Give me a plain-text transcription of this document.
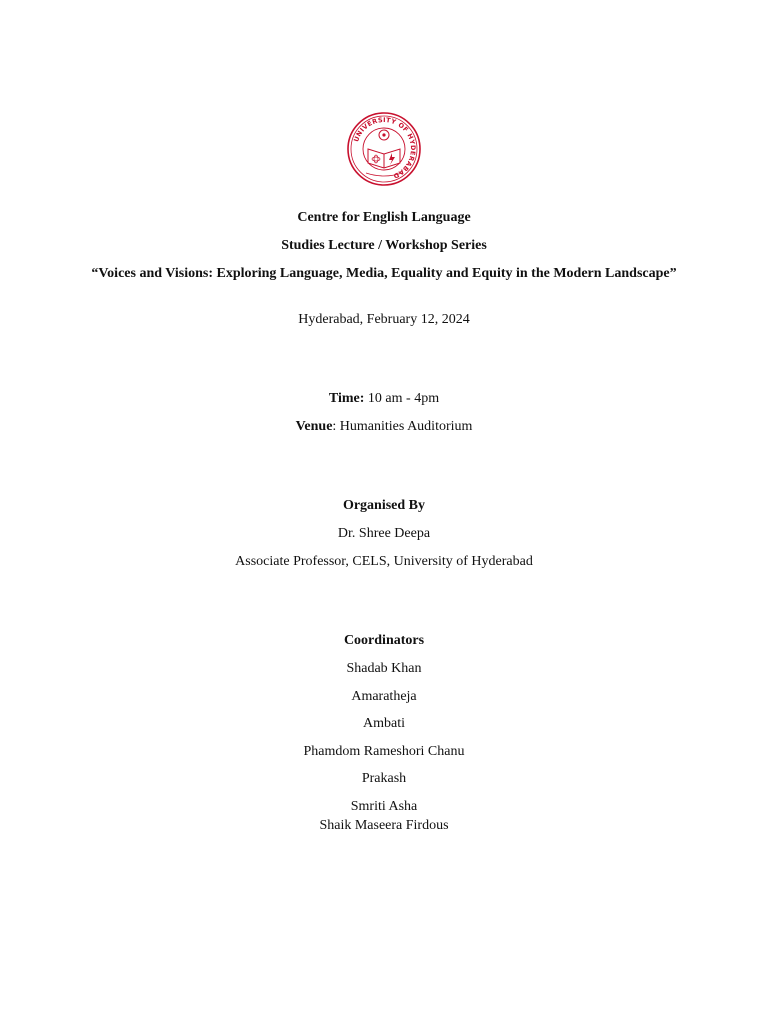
UNIVERSITY OF HYDERABAD
Centre for English Language
Studies Lecture / Workshop Series
“Voices and Visions: Exploring Language, Media, Equality and Equity in the Modern Landscape”
Hyderabad, February 12, 2024
Time: 10 am - 4pm
Venue: Humanities Auditorium
Organised By
Dr. Shree Deepa
Associate Professor, CELS, University of Hyderabad
Coordinators
Shadab Khan
Amaratheja
Ambati
Phamdom Rameshori Chanu
Prakash
Smriti Asha
Shaik Maseera Firdous
